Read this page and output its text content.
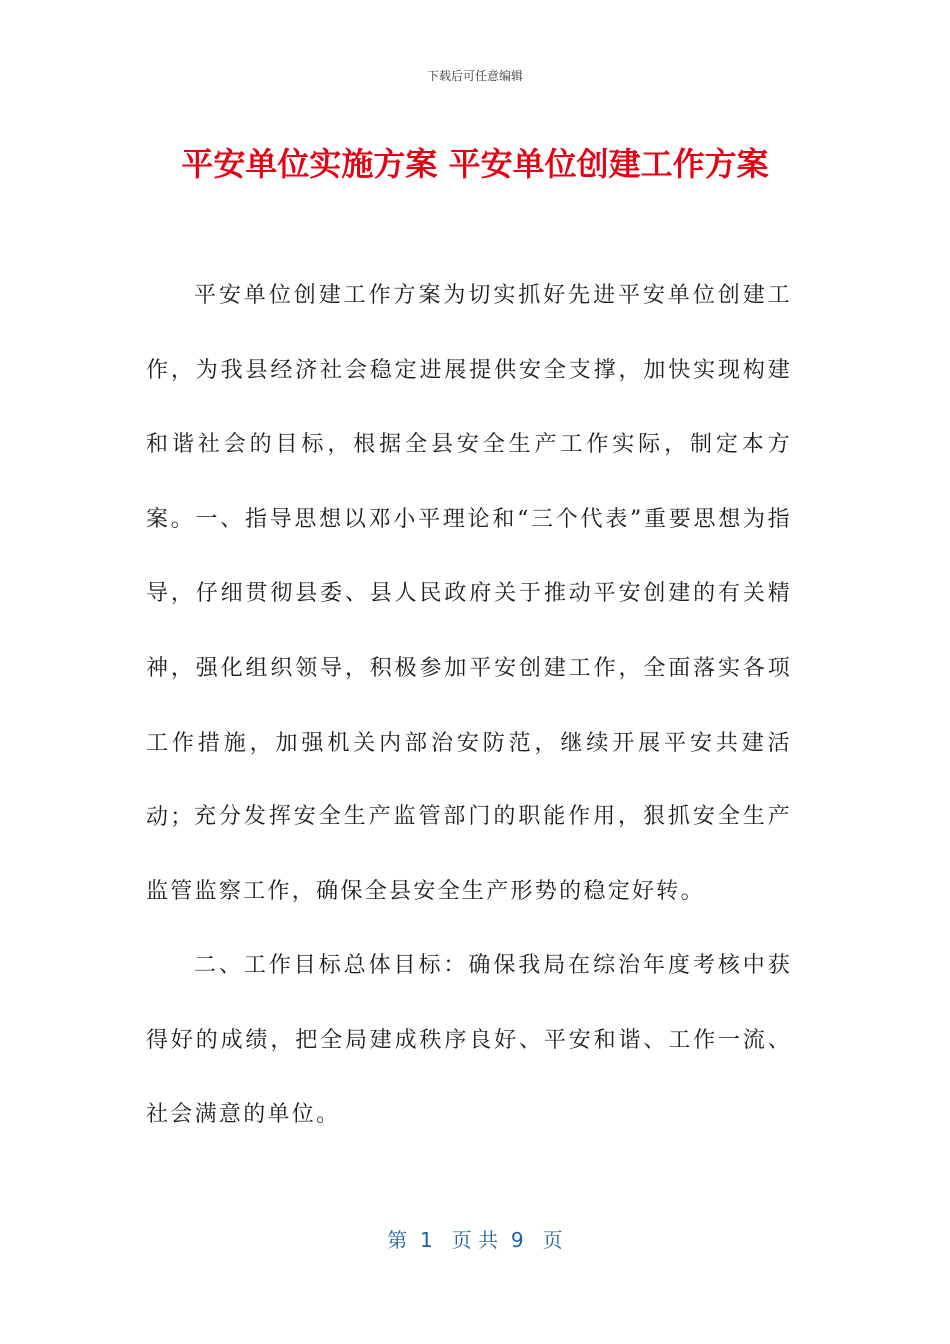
下载后可任意编辑
平安单位实施方案 平安单位创建工作方案

平安单位创建工作方案为切实抓好先进平安单位创建工作，为我县经济社会稳定进展提供安全支撑，加快实现构建和谐社会的目标，根据全县安全生产工作实际，制定本方案。一、指导思想以邓小平理论和“三个代表”重要思想为指导，仔细贯彻县委、县人民政府关于推动平安创建的有关精神，强化组织领导，积极参加平安创建工作，全面落实各项工作措施，加强机关内部治安防范，继续开展平安共建活动； 充分发挥安全生产监管部门的职能作用，狠抓安全生产监管监察工作，确保全县安全生产形势的稳定好转。

二、工作目标总体目标：确保我局在综治年度考核中获得好的成绩，把全局建成秩序良好、平安和谐、工作一流、社会满意的单位。

第  1   页 共  9   页
